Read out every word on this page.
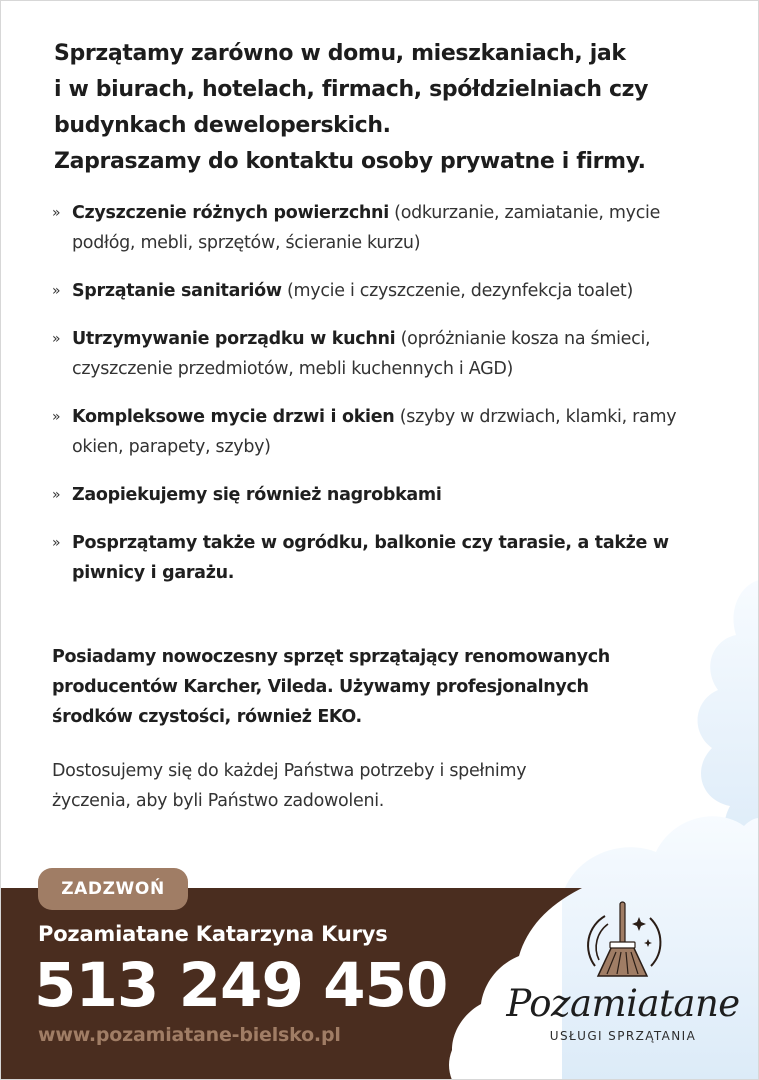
Sprzątamy zarówno w domu, mieszkaniach, jak
i w biurach, hotelach, firmach, spółdzielniach czy
budynkach deweloperskich.
Zapraszamy do kontaktu osoby prywatne i firmy.
» Czyszczenie różnych powierzchni (odkurzanie, zamiatanie, mycie podłóg, mebli, sprzętów, ścieranie kurzu)
» Sprzątanie sanitariów (mycie i czyszczenie, dezynfekcja toalet)
» Utrzymywanie porządku w kuchni (opróżnianie kosza na śmieci, czyszczenie przedmiotów, mebli kuchennych i AGD)
» Kompleksowe mycie drzwi i okien (szyby w drzwiach, klamki, ramy okien, parapety, szyby)
» Zaopiekujemy się również nagrobkami
» Posprzątamy także w ogródku, balkonie czy tarasie, a także w piwnicy i garażu.
Posiadamy nowoczesny sprzęt sprzątający renomowanych
producentów Karcher, Vileda. Używamy profesjonalnych
środków czystości, również EKO.
Dostosujemy się do każdej Państwa potrzeby i spełnimy
życzenia, aby byli Państwo zadowoleni.
ZADZWOŃ
Pozamiatane Katarzyna Kurys
513 249 450
www.pozamiatane-bielsko.pl
Pozamiatane
USŁUGI SPRZĄTANIA
